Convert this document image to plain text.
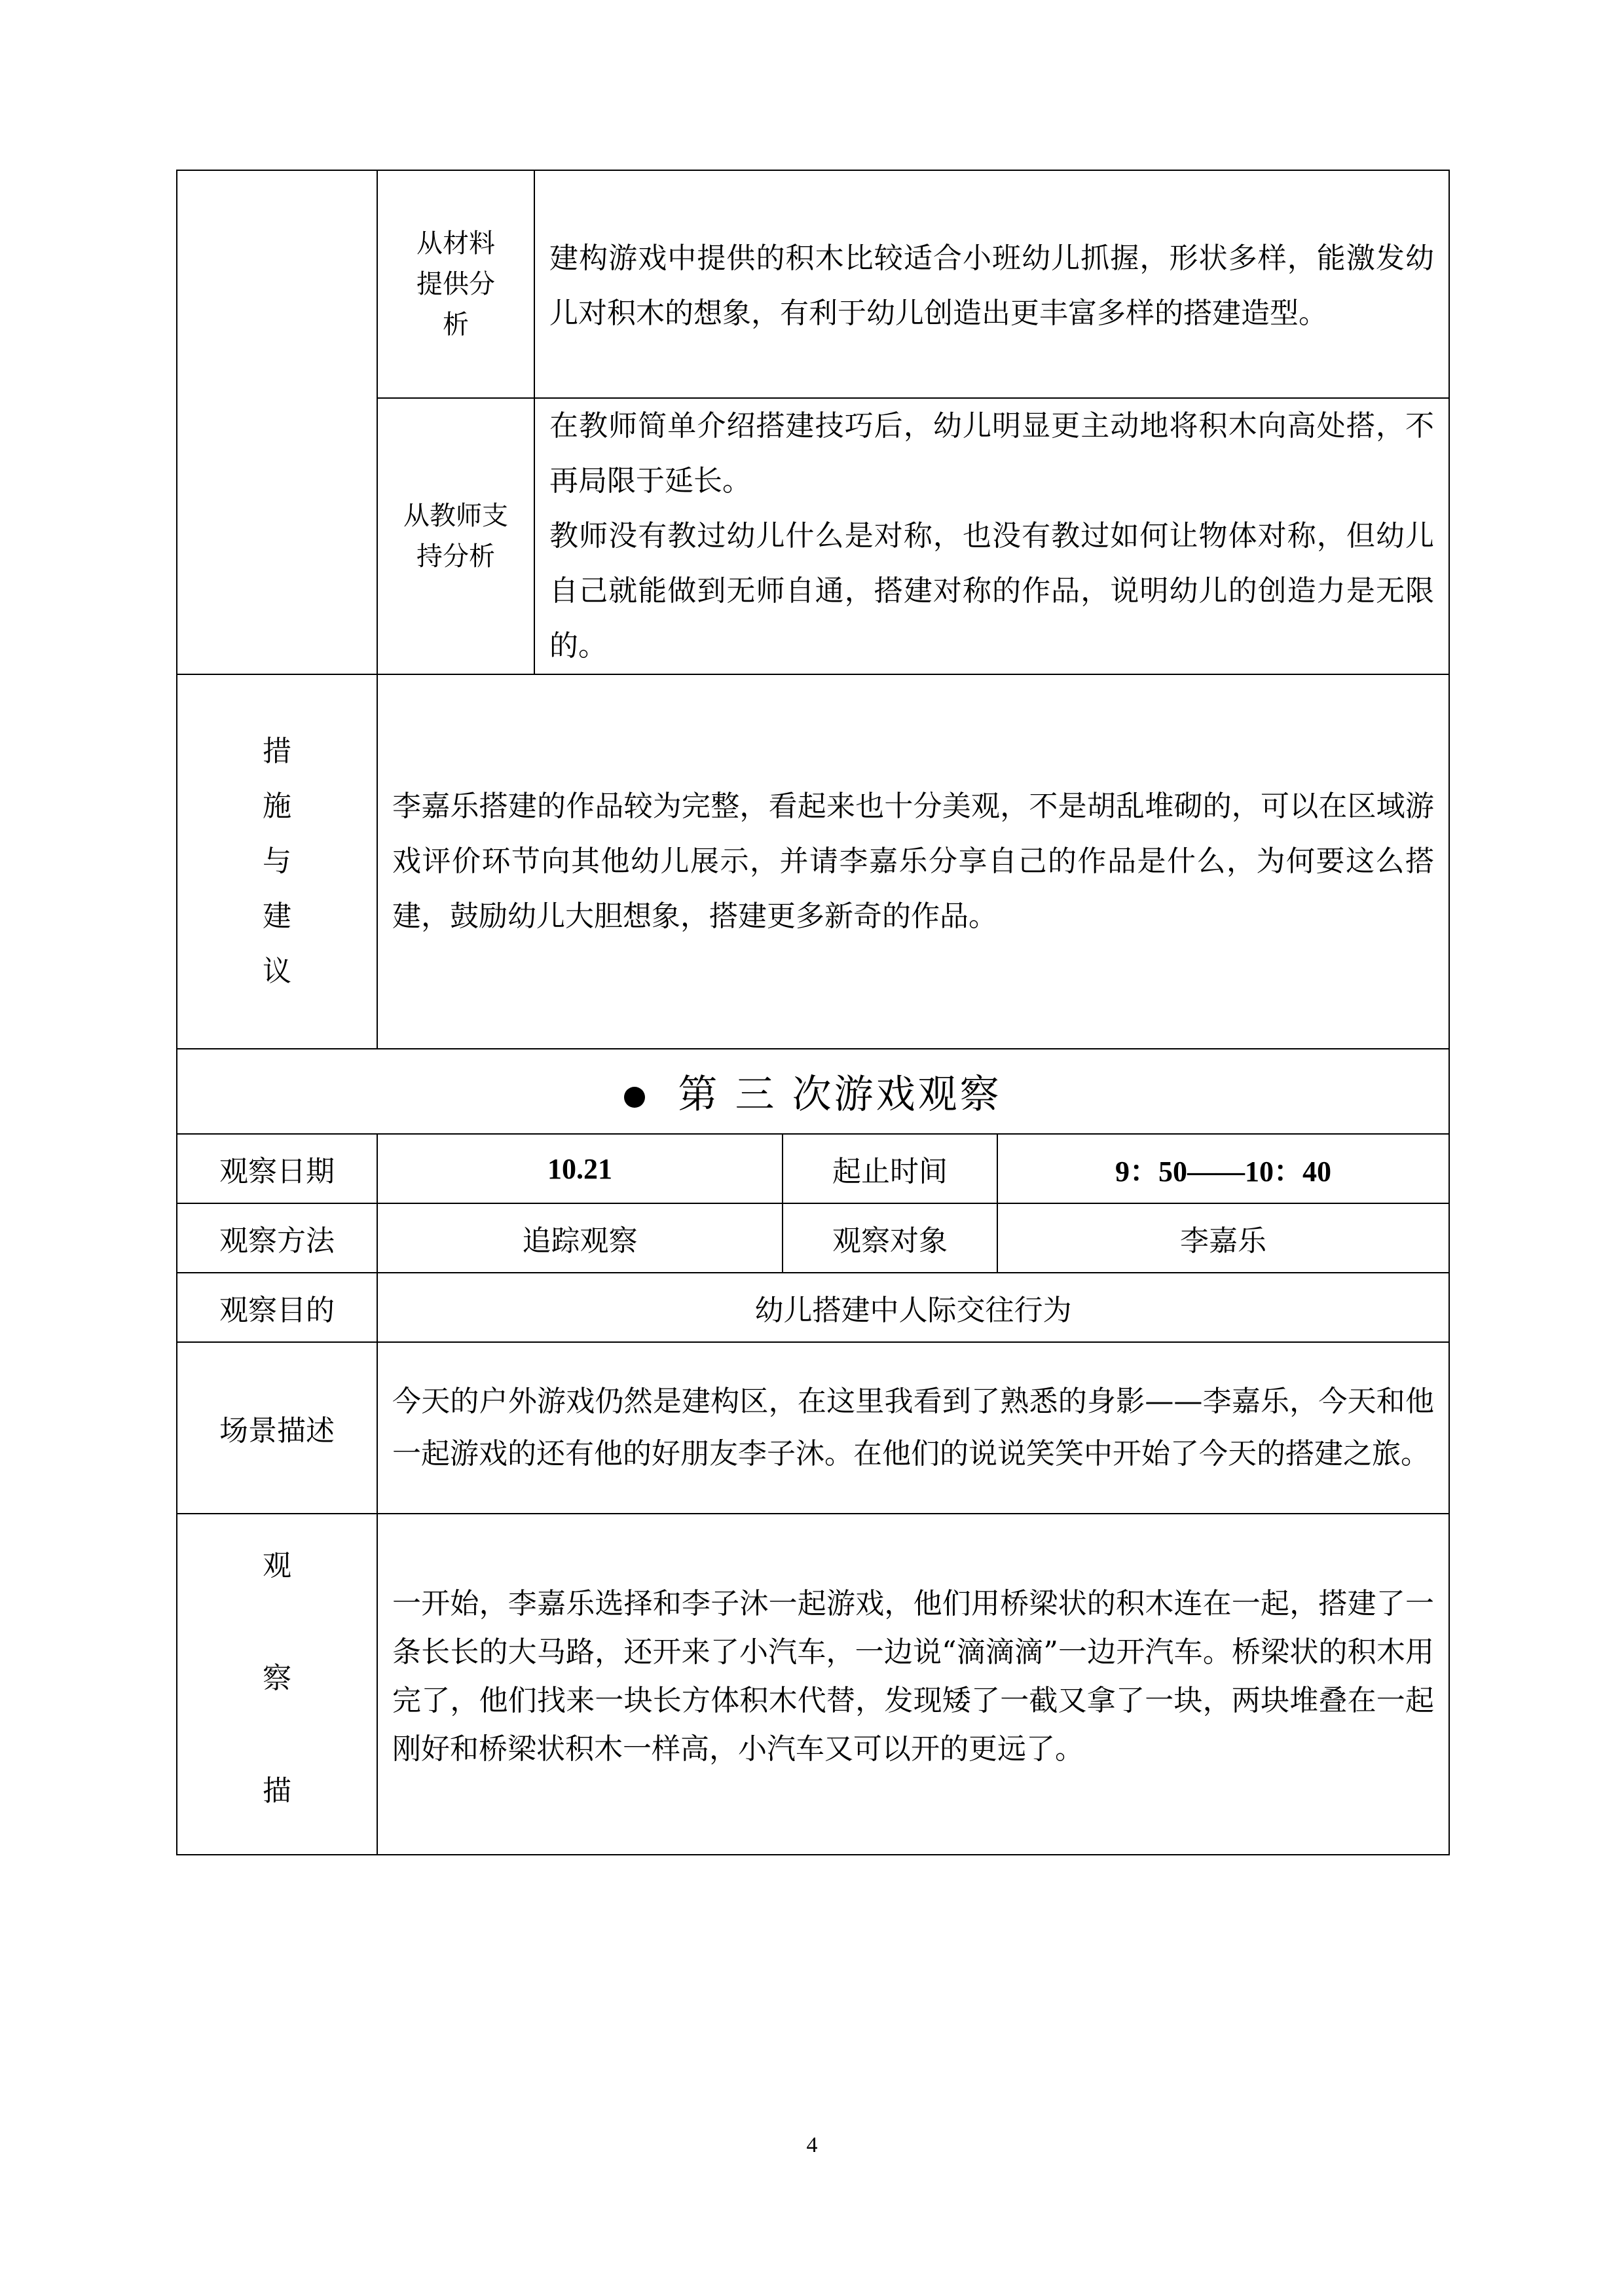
	从材料提供分析	建构游戏中提供的积木比较适合小班幼儿抓握，形状多样，能激发幼儿对积木的想象，有利于幼儿创造出更丰富多样的搭建造型。		

	从教师支持分析	在教师简单介绍搭建技巧后，幼儿明显更主动地将积木向高处搭，不再局限于延长。
教师没有教过幼儿什么是对称，也没有教过如何让物体对称，但幼儿自己就能做到无师自通，搭建对称的作品，说明幼儿的创造力是无限的。		

措
施
与
建
议	李嘉乐搭建的作品较为完整，看起来也十分美观，不是胡乱堆砌的，可以在区域游戏评价环节向其他幼儿展示，并请李嘉乐分享自己的作品是什么，为何要这么搭建，鼓励幼儿大胆想象，搭建更多新奇的作品。			

第 三 次游戏观察				
观察日期	10.21		起止时间	9：50——10：40
观察方法	追踪观察		观察对象	李嘉乐
观察目的	幼儿搭建中人际交往行为			
场景描述	今天的户外游戏仍然是建构区，在这里我看到了熟悉的身影——李嘉乐，今天和他一起游戏的还有他的好朋友李子沐。在他们的说说笑笑中开始了今天的搭建之旅。			

观
察
描	一开始，李嘉乐选择和李子沐一起游戏，他们用桥梁状的积木连在一起，搭建了一条长长的大马路，还开来了小汽车，一边说“滴滴滴”一边开汽车。桥梁状的积木用完了，他们找来一块长方体积木代替，发现矮了一截又拿了一块，两块堆叠在一起刚好和桥梁状积木一样高，小汽车又可以开的更远了。			
4
